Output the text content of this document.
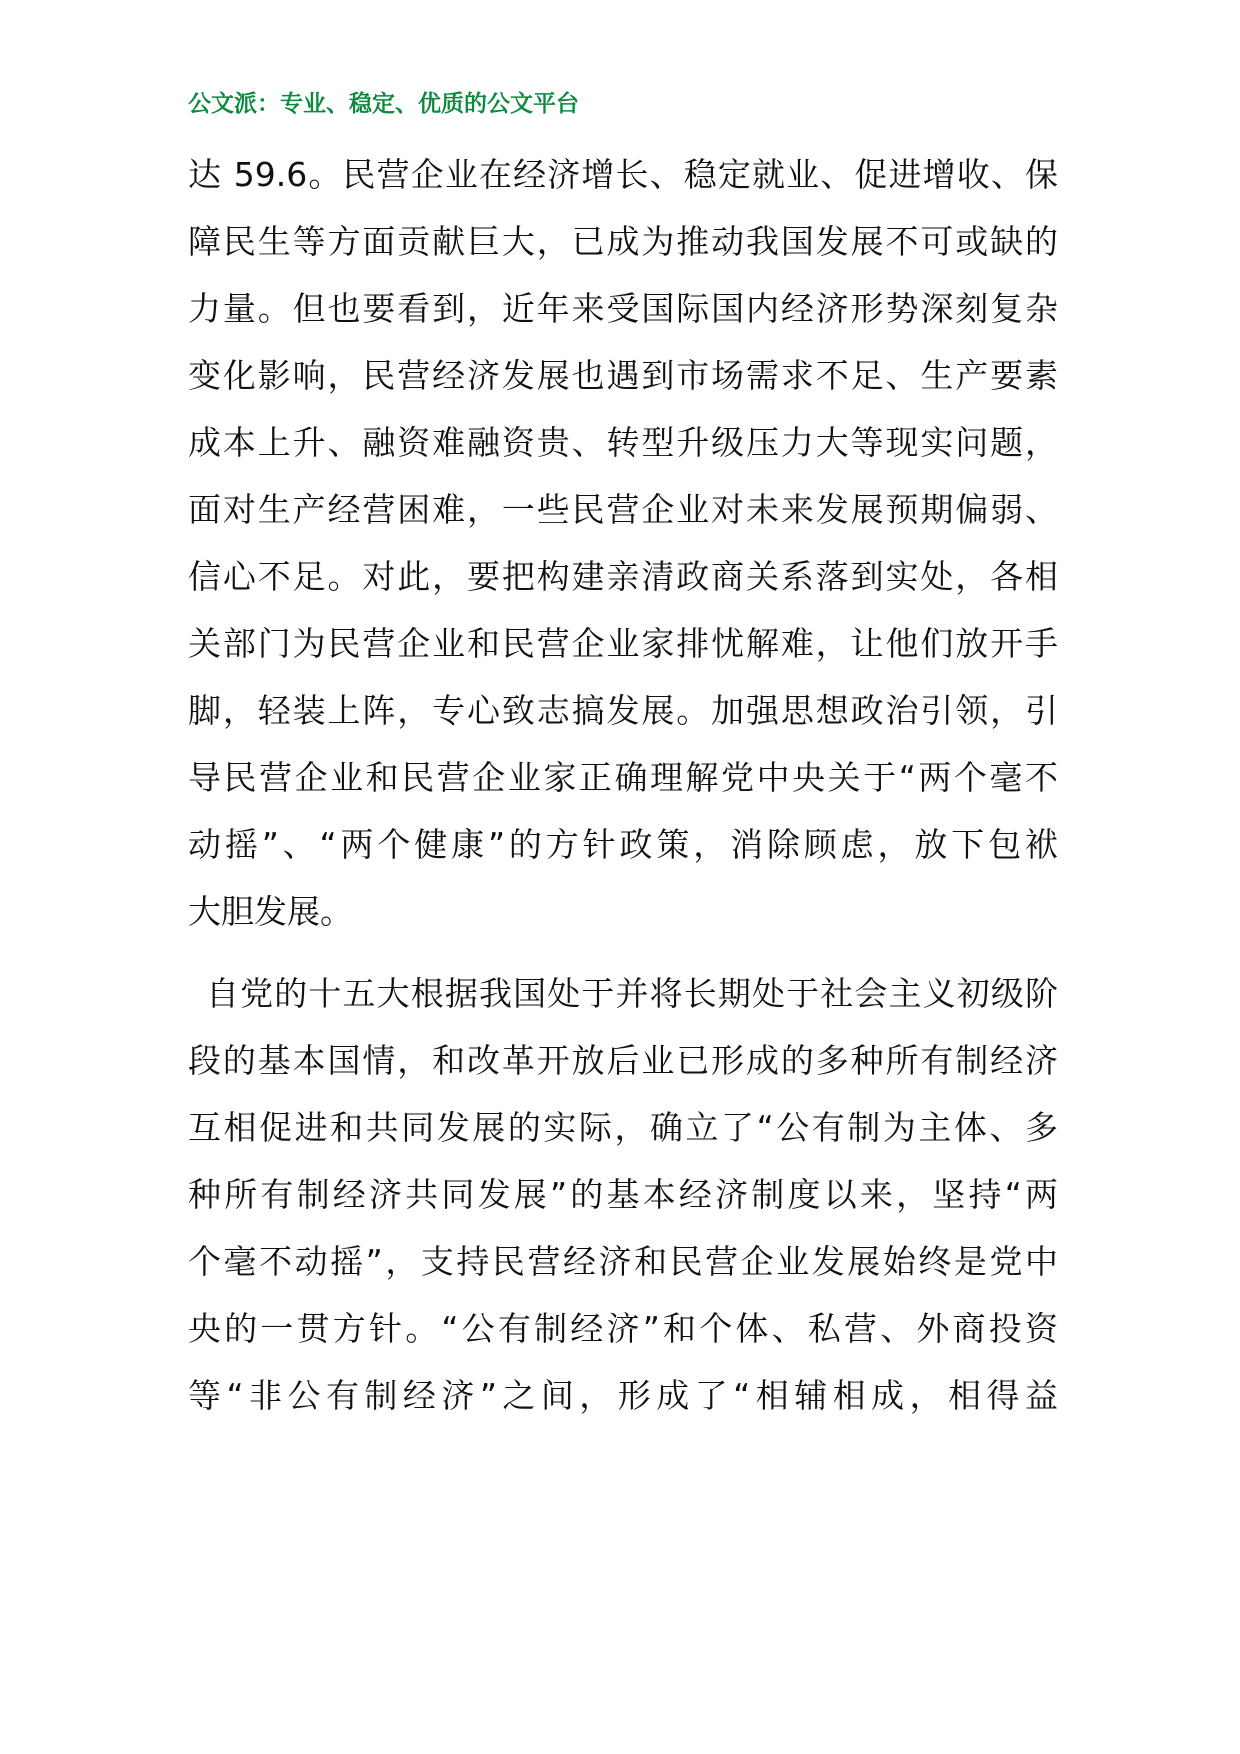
公文派：专业、稳定、优质的公文平台
达 59.6。民营企业在经济增长、稳定就业、促进增收、保
障民生等方面贡献巨大，已成为推动我国发展不可或缺的
力量。但也要看到，近年来受国际国内经济形势深刻复杂
变化影响，民营经济发展也遇到市场需求不足、生产要素
成本上升、融资难融资贵、转型升级压力大等现实问题，
面对生产经营困难，一些民营企业对未来发展预期偏弱、
信心不足。对此，要把构建亲清政商关系落到实处，各相
关部门为民营企业和民营企业家排忧解难，让他们放开手
脚，轻装上阵，专心致志搞发展。加强思想政治引领，引
导民营企业和民营企业家正确理解党中央关于“两个毫不
动摇”、“两个健康”的方针政策，消除顾虑，放下包袱
大胆发展。
自党的十五大根据我国处于并将长期处于社会主义初级阶
段的基本国情，和改革开放后业已形成的多种所有制经济
互相促进和共同发展的实际，确立了“公有制为主体、多
种所有制经济共同发展”的基本经济制度以来，坚持“两
个毫不动摇”，支持民营经济和民营企业发展始终是党中
央的一贯方针。“公有制经济”和个体、私营、外商投资
等“非公有制经济”之间，形成了“相辅相成，相得益
